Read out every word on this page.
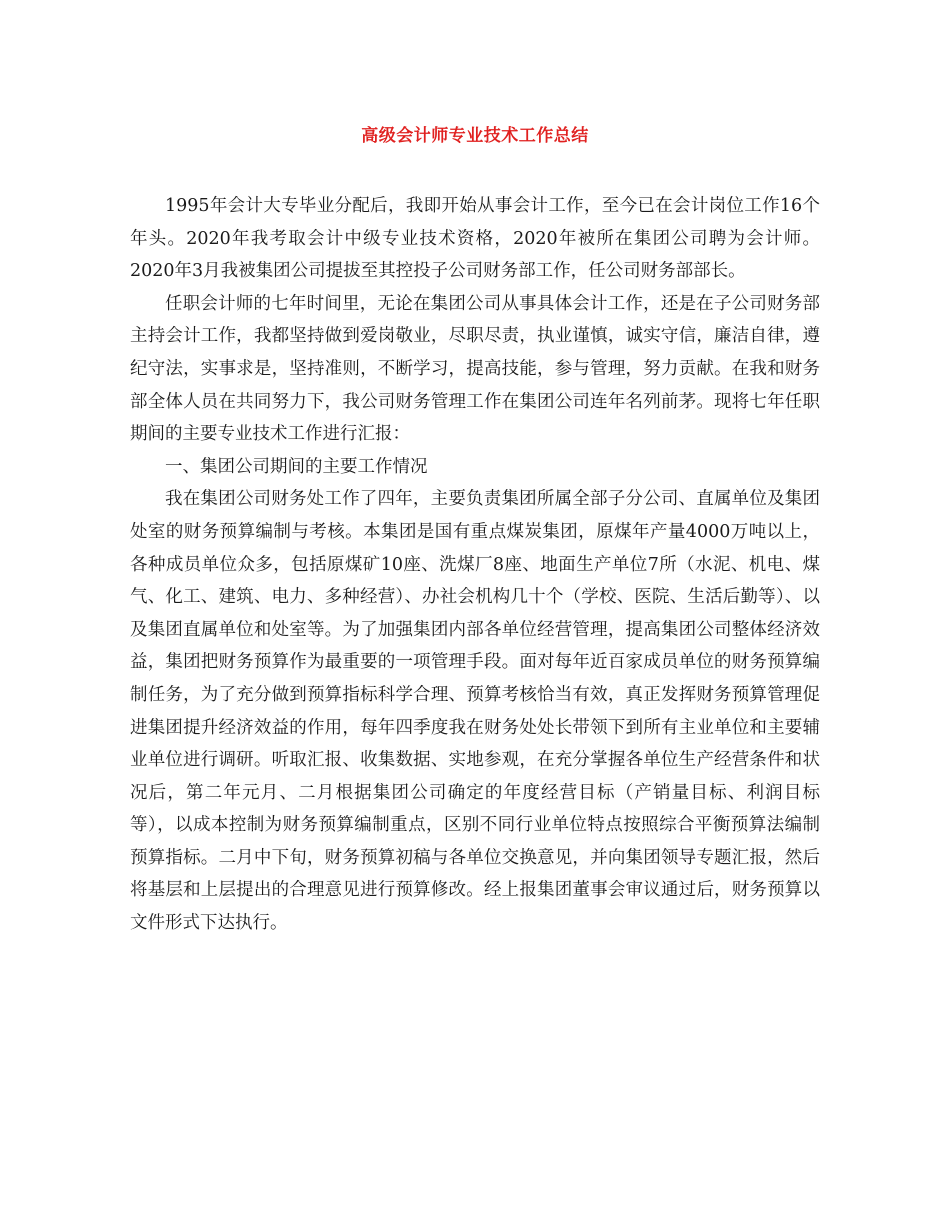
高级会计师专业技术工作总结

1995年会计大专毕业分配后，我即开始从事会计工作，至今已在会计岗位工作16个年头。2020年我考取会计中级专业技术资格，2020年被所在集团公司聘为会计师。2020年3月我被集团公司提拔至其控投子公司财务部工作，任公司财务部部长。

任职会计师的七年时间里，无论在集团公司从事具体会计工作，还是在子公司财务部主持会计工作，我都坚持做到爱岗敬业，尽职尽责，执业谨慎，诚实守信，廉洁自律，遵纪守法，实事求是，坚持准则，不断学习，提高技能，参与管理，努力贡献。在我和财务部全体人员在共同努力下，我公司财务管理工作在集团公司连年名列前茅。现将七年任职期间的主要专业技术工作进行汇报：

一、集团公司期间的主要工作情况

我在集团公司财务处工作了四年，主要负责集团所属全部子分公司、直属单位及集团处室的财务预算编制与考核。本集团是国有重点煤炭集团，原煤年产量4000万吨以上，各种成员单位众多，包括原煤矿10座、洗煤厂8座、地面生产单位7所（水泥、机电、煤气、化工、建筑、电力、多种经营）、办社会机构几十个（学校、医院、生活后勤等）、以及集团直属单位和处室等。为了加强集团内部各单位经营管理，提高集团公司整体经济效益，集团把财务预算作为最重要的一项管理手段。面对每年近百家成员单位的财务预算编制任务，为了充分做到预算指标科学合理、预算考核恰当有效，真正发挥财务预算管理促进集团提升经济效益的作用，每年四季度我在财务处处长带领下到所有主业单位和主要辅业单位进行调研。听取汇报、收集数据、实地参观，在充分掌握各单位生产经营条件和状况后，第二年元月、二月根据集团公司确定的年度经营目标（产销量目标、利润目标等），以成本控制为财务预算编制重点，区别不同行业单位特点按照综合平衡预算法编制预算指标。二月中下旬，财务预算初稿与各单位交换意见，并向集团领导专题汇报，然后将基层和上层提出的合理意见进行预算修改。经上报集团董事会审议通过后，财务预算以文件形式下达执行。
